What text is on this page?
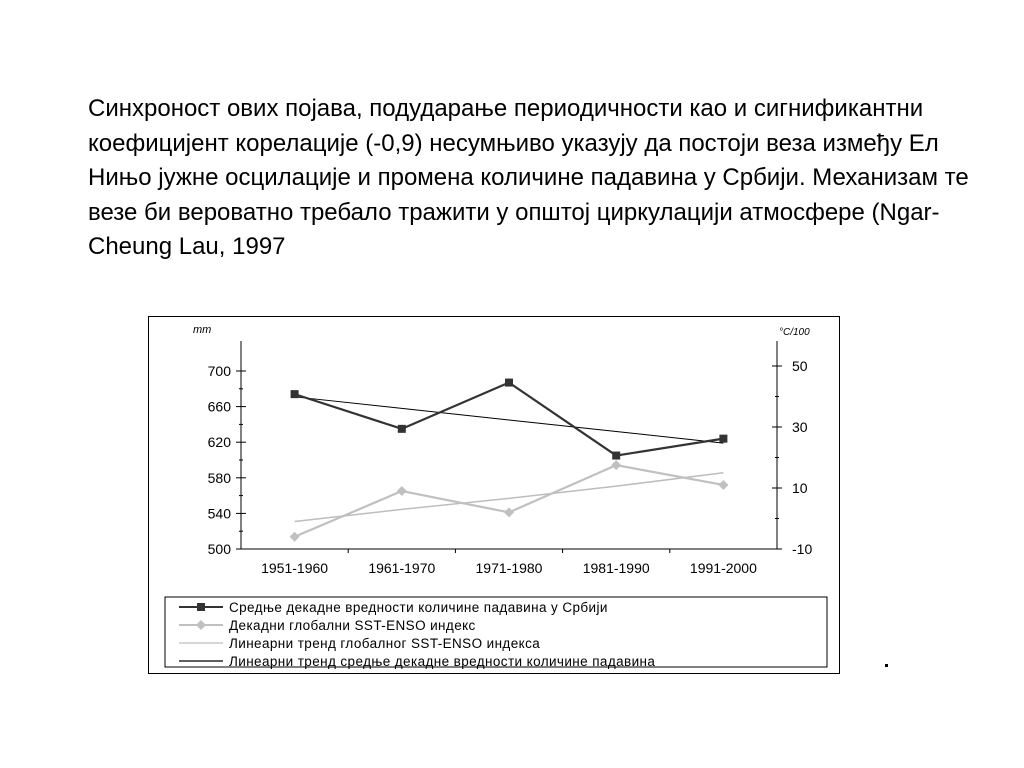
Синхроност ових појава, подударање периодичности као и сигнификантни коефицијент корелације (-0,9) несумњиво указују да постоји веза између Ел Нињо јужне осцилације и промена количине падавина у Србији. Механизам те везе би вероватно требало тражити у општој циркулацији атмосфере (Ngar-Cheung Lau, 1997

mm	°C/100
700
660
620
580
540
500
50
30
10
-10
1951-1960	1961-1970	1971-1980	1981-1990	1991-2000
Средње декадне вредности количине падавина у Србији
Декадни глобални SST-ENSO индекс
Линеарни тренд глобалног SST-ENSO индекса
Линеарни тренд средње декадне вредности количине падавина
